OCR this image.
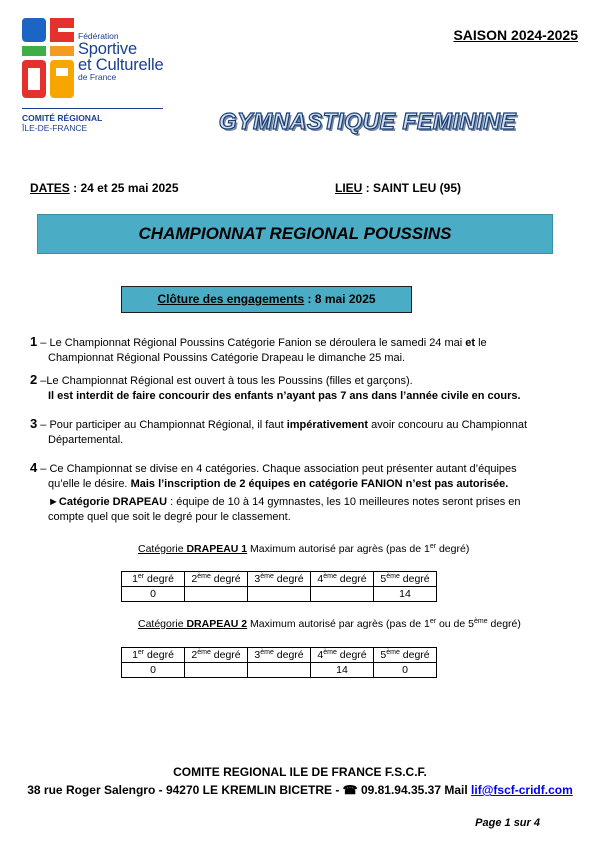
Fédération
Sportive
et Culturelle
de France
COMITÉ RÉGIONAL
ÎLE-DE-FRANCE
SAISON 2024-2025
GYMNASTIQUE FEMININE
DATES : 24 et 25 mai 2025	LIEU : SAINT LEU (95)
CHAMPIONNAT REGIONAL POUSSINS
Clôture des engagements : 8 mai 2025
1 – Le Championnat Régional Poussins Catégorie Fanion se déroulera le samedi 24 mai et le
Championnat Régional Poussins Catégorie Drapeau le dimanche 25 mai.
2 –Le Championnat Régional est ouvert à tous les Poussins (filles et garçons).
Il est interdit de faire concourir des enfants n’ayant pas 7 ans dans l’année civile en cours.
3 – Pour participer au Championnat Régional, il faut impérativement avoir concouru au Championnat
Départemental.
4 – Ce Championnat se divise en 4 catégories. Chaque association peut présenter autant d’équipes
qu’elle le désire. Mais l’inscription de 2 équipes en catégorie FANION n’est pas autorisée.
►Catégorie DRAPEAU : équipe de 10 à 14 gymnastes, les 10 meilleures notes seront prises en
compte quel que soit le degré pour le classement.
Catégorie DRAPEAU 1 Maximum autorisé par agrès (pas de 1er degré)
1er degré	2ème degré	3ème degré	4ème degré	5ème degré
0				14
Catégorie DRAPEAU 2 Maximum autorisé par agrès (pas de 1er ou de 5ème degré)
1er degré	2ème degré	3ème degré	4ème degré	5ème degré
0			14	0
COMITE REGIONAL ILE DE FRANCE F.S.C.F.
38 rue Roger Salengro - 94270 LE KREMLIN BICETRE - ☎ 09.81.94.35.37 Mail lif@fscf-cridf.com
Page 1 sur 4
